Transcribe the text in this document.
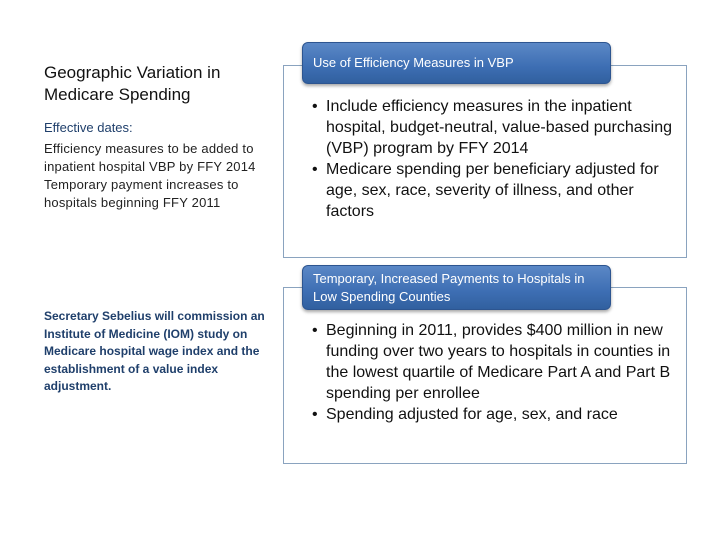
Geographic Variation in Medicare Spending
Effective dates:
Efficiency measures to be added to inpatient hospital VBP by FFY 2014
Temporary payment increases to hospitals beginning FFY 2011
Secretary Sebelius will commission an Institute of Medicine (IOM) study on Medicare hospital wage index and the establishment of a value index adjustment.
Use of Efficiency Measures in VBP
• Include efficiency measures in the inpatient hospital, budget-neutral, value-based purchasing (VBP) program by FFY 2014
• Medicare spending per beneficiary adjusted for age, sex, race, severity of illness, and other factors
Temporary, Increased Payments to Hospitals in Low Spending Counties
• Beginning in 2011, provides $400 million in new funding over two years to hospitals in counties in the lowest quartile of Medicare Part A and Part B spending per enrollee
• Spending adjusted for age, sex, and race
